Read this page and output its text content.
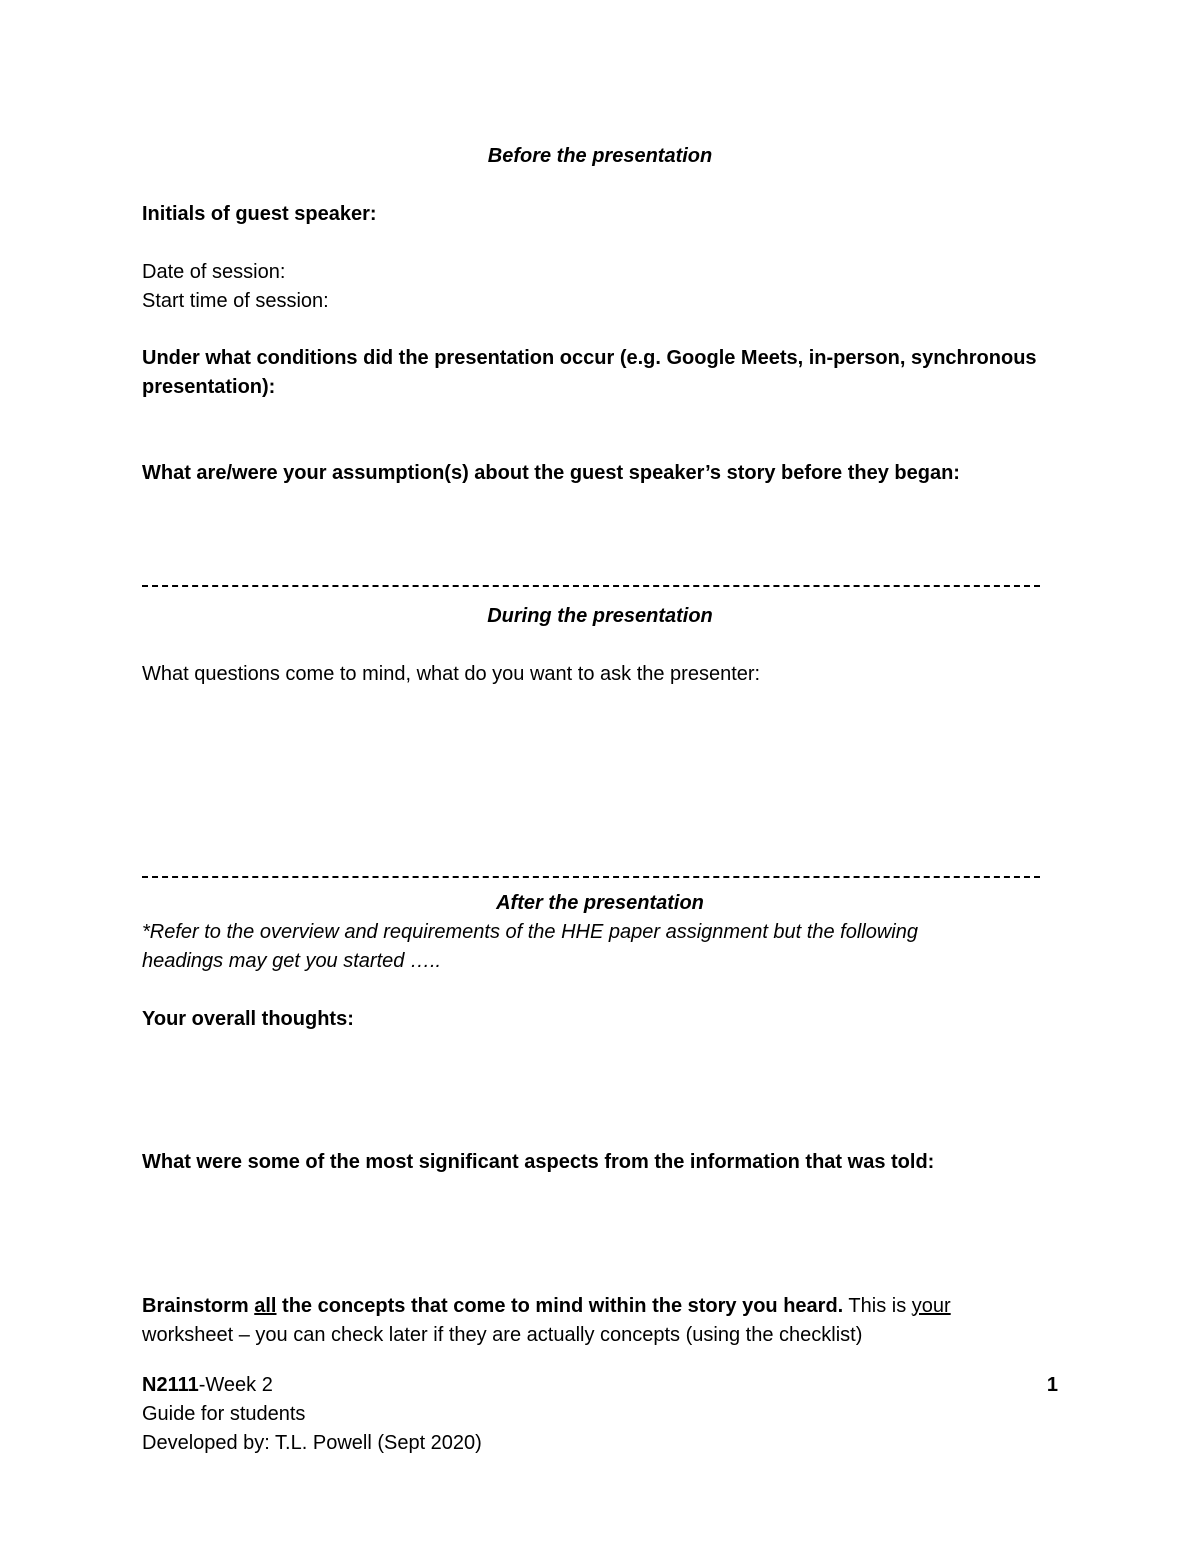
Before the presentation
Initials of guest speaker:
Date of session:
Start time of session:
Under what conditions did the presentation occur (e.g. Google Meets, in-person, synchronous
presentation):
What are/were your assumption(s) about the guest speaker’s story before they began:
During the presentation
What questions come to mind, what do you want to ask the presenter:
After the presentation
*Refer to the overview and requirements of the HHE paper assignment but the following
headings may get you started …..
Your overall thoughts:
What were some of the most significant aspects from the information that was told:
Brainstorm all the concepts that come to mind within the story you heard. This is your
worksheet – you can check later if they are actually concepts (using the checklist)
N2111-Week 2	1
Guide for students
Developed by: T.L. Powell (Sept 2020)
